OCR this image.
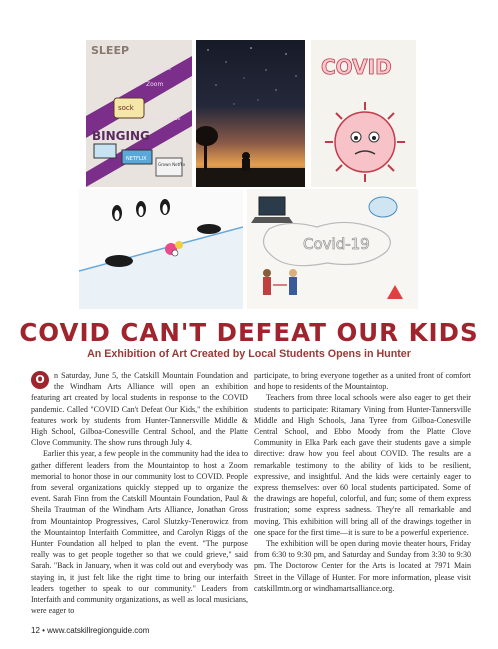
SLEEP
sock
BINGING
NETFLIX
Grown Netflix
Zoom
Pajamas
School Fatigue
COVID
Covid-19
COVID CAN'T DEFEAT OUR KIDS
An Exhibition of Art Created by Local Students Opens in Hunter

O	n Saturday, June 5, the Catskill Mountain Foundation and the Windham Arts Alliance will open an exhibition featuring art created by local students in response to the COVID pandemic. Called "COVID Can't Defeat Our Kids," the exhibition features work by students from Hunter-Tannersville Middle & High School, Gilboa-Conesville Central School, and the Platte Clove Community. The show runs through July 4.

Earlier this year, a few people in the community had the idea to gather different leaders from the Mountaintop to host a Zoom memorial to honor those in our community lost to COVID. People from several organizations quickly stepped up to organize the event. Sarah Finn from the Catskill Mountain Foundation, Paul & Sheila Trautman of the Windham Arts Alliance, Jonathan Gross from Mountaintop Progressives, Carol Slutzky-Tenerowicz from the Mountaintop Interfaith Committee, and Carolyn Riggs of the Hunter Foundation all helped to plan the event. "The purpose really was to get people together so that we could grieve," said Sarah. "Back in January, when it was cold out and everybody was staying in, it just felt like the right time to bring our interfaith leaders together to speak to our community." Leaders from Interfaith and community organizations, as well as local musicians, were eager to

participate, to bring everyone together as a united front of comfort and hope to residents of the Mountaintop.

Teachers from three local schools were also eager to get their students to participate: Ritamary Vining from Hunter-Tannersville Middle and High Schools, Jana Tyree from Gilboa-Conesville Central School, and Ebbo Moody from the Platte Clove Community in Elka Park each gave their students gave a simple directive: draw how you feel about COVID. The results are a remarkable testimony to the ability of kids to be resilient, expressive, and insightful. And the kids were certainly eager to express themselves: over 60 local students participated. Some of the drawings are hopeful, colorful, and fun; some of them express frustration; some express sadness. They're all remarkable and moving. This exhibition will bring all of the drawings together in one space for the first time—it is sure to be a powerful experience.

The exhibition will be open during movie theater hours, Friday from 6:30 to 9:30 pm, and Saturday and Sunday from 3:30 to 9:30 pm. The Doctorow Center for the Arts is located at 7971 Main Street in the Village of Hunter. For more information, please visit catskillmtn.org or windhamartsalliance.org.

12 • www.catskillregionguide.com
